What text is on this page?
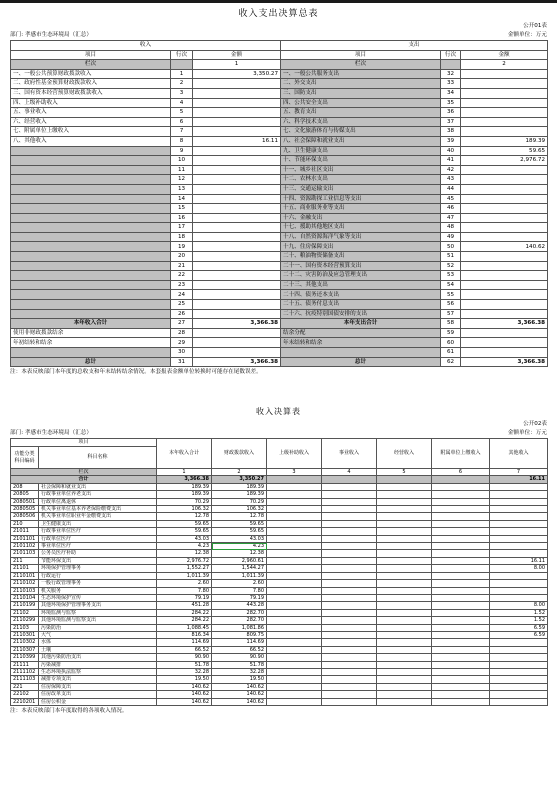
收入支出决算总表
公开01表
部门: 孝感市生态环境局（汇总）	金额单位：万元
收入			支出		
项目	行次	金额	项目	行次	金额
栏次		1	栏次		2
一、一般公共预算财政拨款收入	1	3,350.27	一、一般公共服务支出	32	
二、政府性基金预算财政拨款收入	2		二、外交支出	33	
三、国有资本经营预算财政拨款收入	3		三、国防支出	34	
四、上级补助收入	4		四、公共安全支出	35	
五、事业收入	5		五、教育支出	36	
六、经营收入	6		六、科学技术支出	37	
七、附属单位上缴收入	7		七、文化旅游体育与传媒支出	38	
八、其他收入	8	16.11	八、社会保障和就业支出	39	189.39
	9		九、卫生健康支出	40	59.65
	10		十、节能环保支出	41	2,976.72
	11		十一、城乡社区支出	42	
	12		十二、农林水支出	43	
	13		十三、交通运输支出	44	
	14		十四、资源勘探工业信息等支出	45	
	15		十五、商业服务业等支出	46	
	16		十六、金融支出	47	
	17		十七、援助其他地区支出	48	
	18		十八、自然资源海洋气象等支出	49	
	19		十九、住房保障支出	50	140.62
	20		二十、粮油物资储备支出	51	
	21		二十一、国有资本经营预算支出	52	
	22		二十二、灾害防治及应急管理支出	53	
	23		二十三、其他支出	54	
	24		二十四、债务还本支出	55	
	25		二十五、债务付息支出	56	
	26		二十六、抗疫特别国债安排的支出	57	
本年收入合计	27	3,366.38	本年支出合计	58	3,366.38
使用非财政拨款结余	28		结余分配	59	
年初结转和结余	29		年末结转和结余	60	
	30			61	
总计	31	3,366.38	总计	62	3,366.38
注：本表反映部门本年度的总收支和年末结转结余情况。本套报表金额单位转换时可能存在尾数误差。
收入决算表
公开02表
部门: 孝感市生态环境局（汇总）	金额单位：万元
项目		本年收入合计	财政拨款收入	上级补助收入	事业收入	经营收入	附属单位上缴收入	其他收入
功能分类科目编码	科目名称							

栏次		1	2	3	4	5	6	7
合计		3,366.38	3,350.27					16.11
208	社会保障和就业支出	189.39	189.39					
20805	行政事业单位养老支出	189.39	189.39					
2080501	行政单位离退休	70.29	70.29					
2080505	机关事业单位基本养老保险缴费支出	106.32	106.32					
2080506	机关事业单位职业年金缴费支出	12.78	12.78					
210	卫生健康支出	59.65	59.65					
21011	行政事业单位医疗	59.65	59.65					
2101101	行政单位医疗	43.03	43.03					
2101102	事业单位医疗	4.23	4.23					
2101103	公务员医疗补助	12.38	12.38					
211	节能环保支出	2,976.72	2,960.61					16.11
21101	环境保护管理事务	1,552.27	1,544.27					8.00
2110101	行政运行	1,011.39	1,011.39					
2110102	一般行政管理事务	2.60	2.60					
2110103	机关服务	7.80	7.80					
2110104	生态环境保护宣传	79.19	79.19					
2110199	其他环境保护管理事务支出	451.28	443.28					8.00
21102	环境监测与监察	284.22	282.70					1.52
2110299	其他环境监测与监察支出	284.22	282.70					1.52
21103	污染防治	1,088.45	1,081.86					6.59
2110301	大气	816.34	809.75					6.59
2110302	水体	114.69	114.69					
2110307	土壤	66.52	66.52					
2110399	其他污染防治支出	90.90	90.90					
21111	污染减排	51.78	51.78					
2111102	生态环境执法监察	32.28	32.28					
2111103	减排专项支出	19.50	19.50					
221	住房保障支出	140.62	140.62					
22102	住房改革支出	140.62	140.62					
2210201	住房公积金	140.62	140.62					
注：本表反映部门本年度取得的各项收入情况。
